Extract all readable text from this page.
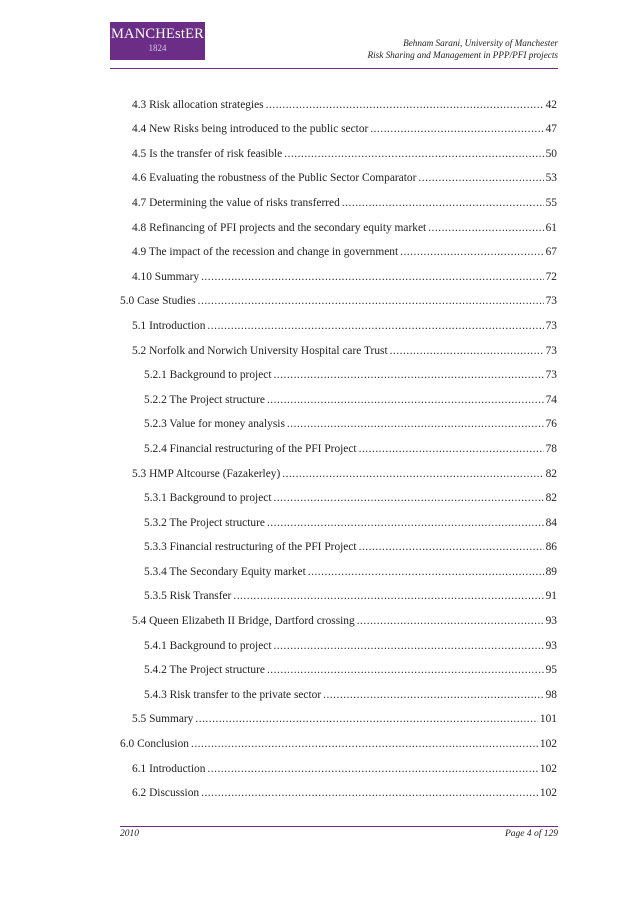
MANCHEstER
1824	Behnam Sarani, University of Manchester
Risk Sharing and Management in PPP/PFI projects
4.3 Risk allocation strategies .....	42
4.4 New Risks being introduced to the public sector .....	47
4.5 Is the transfer of risk feasible .....	50
4.6 Evaluating the robustness of the Public Sector Comparator .....	53
4.7 Determining the value of risks transferred .....	55
4.8 Refinancing of PFI projects and the secondary equity market .....	61
4.9 The impact of the recession and change in government .....	67
4.10 Summary .....	72
5.0 Case Studies .....	73
5.1 Introduction .....	73
5.2 Norfolk and Norwich University Hospital care Trust .....	73
5.2.1 Background to project .....	73
5.2.2 The Project structure .....	74
5.2.3 Value for money analysis .....	76
5.2.4 Financial restructuring of the PFI Project .....	78
5.3 HMP Altcourse (Fazakerley) .....	82
5.3.1 Background to project .....	82
5.3.2 The Project structure .....	84
5.3.3 Financial restructuring of the PFI Project .....	86
5.3.4 The Secondary Equity market .....	89
5.3.5 Risk Transfer .....	91
5.4 Queen Elizabeth II Bridge, Dartford crossing .....	93
5.4.1 Background to project .....	93
5.4.2 The Project structure .....	95
5.4.3 Risk transfer to the private sector .....	98
5.5 Summary .....	101
6.0 Conclusion .....	102
6.1 Introduction .....	102
6.2 Discussion .....	102
2010	Page 4 of 129
